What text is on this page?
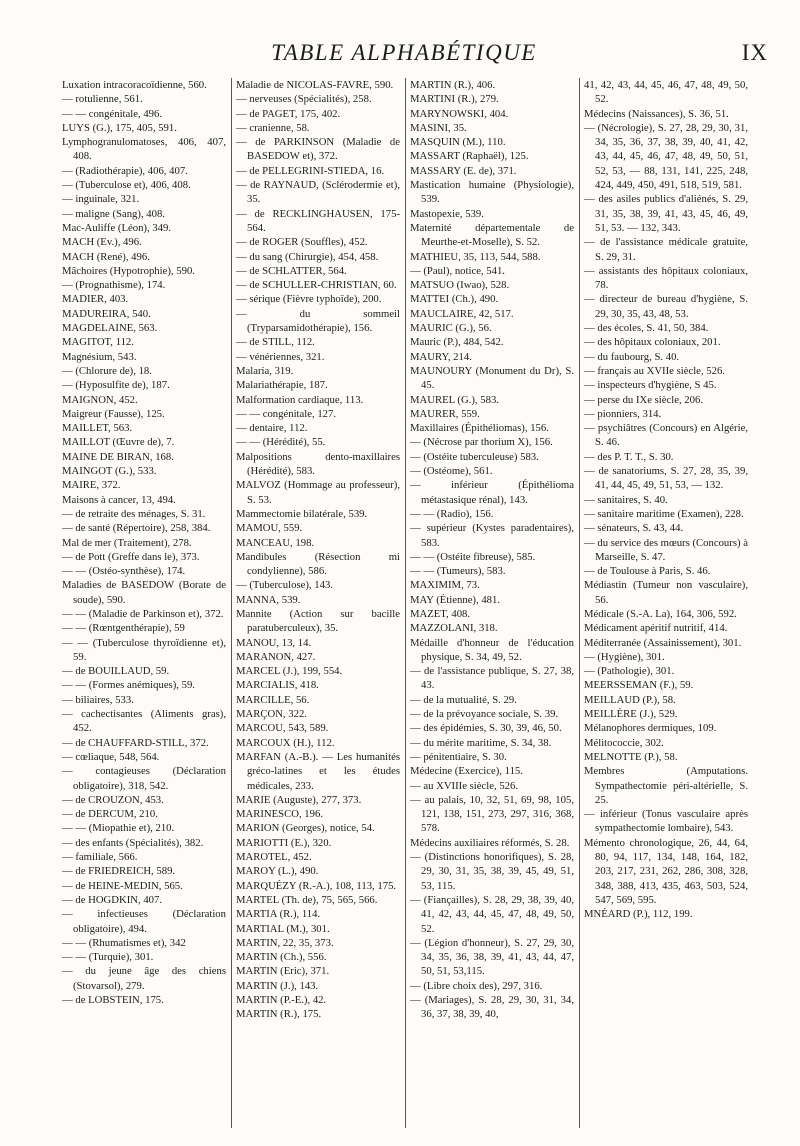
TABLE ALPHABÉTIQUE	IX
Luxation intracoracoïdienne, 560.
— rotulienne, 561.
— — congénitale, 496.
LUYS (G.), 175, 405, 591.
Lymphogranulomatoses, 406, 407, 408.
— (Radiothérapie), 406, 407.
— (Tuberculose et), 406, 408.
— inguinale, 321.
— maligne (Sang), 408.
Mac-Auliffe (Léon), 349.
MACH (Ev.), 496.
MACH (René), 496.
Mâchoires (Hypotrophie), 590.
— (Prognathisme), 174.
MADIER, 403.
MADUREIRA, 540.
MAGDELAINE, 563.
MAGITOT, 112.
Magnésium, 543.
— (Chlorure de), 18.
— (Hyposulfite de), 187.
MAIGNON, 452.
Maigreur (Fausse), 125.
MAILLET, 563.
MAILLOT (Œuvre de), 7.
MAINE DE BIRAN, 168.
MAINGOT (G.), 533.
MAIRE, 372.
Maisons à cancer, 13, 494.
— de retraite des ménages, S. 31.
— de santé (Répertoire), 258, 384.
Mal de mer (Traitement), 278.
— de Pott (Greffe dans le), 373.
— — (Ostéo-synthèse), 174.
Maladies de BASEDOW (Borate de soude), 590.
— — (Maladie de Parkinson et), 372.
— — (Rœntgenthérapie), 59
— — (Tuberculose thyroïdienne et), 59.
— de BOUILLAUD, 59.
— — (Formes anémiques), 59.
— biliaires, 533.
— cachectisantes (Aliments gras), 452.
— de CHAUFFARD-STILL, 372.
— cœliaque, 548, 564.
— contagieuses (Déclaration obligatoire), 318, 542.
— de CROUZON, 453.
— de DERCUM, 210.
— — (Miopathie et), 210.
— des enfants (Spécialités), 382.
— familiale, 566.
— de FRIEDREICH, 589.
— de HEINE-MEDIN, 565.
— de HOGDKIN, 407.
— infectieuses (Déclaration obligatoire), 494.
— — (Rhumatismes et), 342
— — (Turquie), 301.
— du jeune âge des chiens (Stovarsol), 279.
— de LOBSTEIN, 175.
Maladie de NICOLAS-FAVRE, 590.
— nerveuses (Spécialités), 258.
— de PAGET, 175, 402.
— cranienne, 58.
— de PARKINSON (Maladie de BASEDOW et), 372.
— de PELLEGRINI-STIEDA, 16.
— de RAYNAUD, (Sclérodermie et), 35.
— de RECKLINGHAUSEN, 175-564.
— de ROGER (Souffles), 452.
— du sang (Chirurgie), 454, 458.
— de SCHLATTER, 564.
— de SCHULLER-CHRISTIAN, 60.
— sérique (Fièvre typhoïde), 200.
— du sommeil (Tryparsamidothérapie), 156.
— de STILL, 112.
— vénériennes, 321.
Malaria, 319.
Malariathérapie, 187.
Malformation cardiaque, 113.
— — congénitale, 127.
— dentaire, 112.
— — (Hérédité), 55.
Malpositions dento-maxillaires (Hérédité), 583.
MALVOZ (Hommage au professeur), S. 53.
Mammectomie bilatérale, 539.
MAMOU, 559.
MANCEAU, 198.
Mandibules (Résection mi condylienne), 586.
— (Tuberculose), 143.
MANNA, 539.
Mannite (Action sur bacille paratuberculeux), 35.
MANOU, 13, 14.
MARANON, 427.
MARCEL (J.), 199, 554.
MARCIALIS, 418.
MARCILLE, 56.
MARÇON, 322.
MARCOU, 543, 589.
MARCOUX (H.), 112.
MARFAN (A.-B.). — Les humanités gréco-latines et les études médicales, 233.
MARIE (Auguste), 277, 373.
MARINESCO, 196.
MARION (Georges), notice, 54.
MARIOTTI (E.), 320.
MAROTEL, 452.
MAROY (L.), 490.
MARQUÉZY (R.-A.), 108, 113, 175.
MARTEL (Th. de), 75, 565, 566.
MARTIA (R.), 114.
MARTIAL (M.), 301.
MARTIN, 22, 35, 373.
MARTIN (Ch.), 556.
MARTIN (Eric), 371.
MARTIN (J.), 143.
MARTIN (P.-E.), 42.
MARTIN (R.), 175.
MARTIN (R.), 406.
MARTINI (R.), 279.
MARYNOWSKI, 404.
MASINI, 35.
MASQUIN (M.), 110.
MASSART (Raphaël), 125.
MASSARY (E. de), 371.
Mastication humaine (Physiologie), 539.
Mastopexie, 539.
Maternité départementale de Meurthe-et-Moselle), S. 52.
MATHIEU, 35, 113, 544, 588.
— (Paul), notice, 541.
MATSUO (Iwao), 528.
MATTEI (Ch.), 490.
MAUCLAIRE, 42, 517.
MAURIC (G.), 56.
Mauric (P.), 484, 542.
MAURY, 214.
MAUNOURY (Monument du Dr), S. 45.
MAUREL (G.), 583.
MAURER, 559.
Maxillaires (Épithéliomas), 156.
— (Nécrose par thorium X), 156.
— (Ostéite tuberculeuse) 583.
— (Ostéome), 561.
— inférieur (Épithélioma métastasique rénal), 143.
— — (Radio), 156.
— supérieur (Kystes paradentaires), 583.
— — (Ostéite fibreuse), 585.
— — (Tumeurs), 583.
MAXIMIM, 73.
MAY (Étienne), 481.
MAZET, 408.
MAZZOLANI, 318.
Médaille d'honneur de l'éducation physique, S. 34, 49, 52.
— de l'assistance publique, S. 27, 38, 43.
— de la mutualité, S. 29.
— de la prévoyance sociale, S. 39.
— des épidémies, S. 30, 39, 46, 50.
— du mérite maritime, S. 34, 38.
— pénitentiaire, S. 30.
Médecine (Exercice), 115.
— au XVIIIe siècle, 526.
— au palais, 10, 32, 51, 69, 98, 105, 121, 138, 151, 273, 297, 316, 368, 578.
Médecins auxiliaires réformés, S. 28.
— (Distinctions honorifiques), S. 28, 29, 30, 31, 35, 38, 39, 45, 49, 51, 53, 115.
— (Fiançailles), S. 28, 29, 38, 39, 40, 41, 42, 43, 44, 45, 47, 48, 49, 50, 52.
— (Légion d'honneur), S. 27, 29, 30, 34, 35, 36, 38, 39, 41, 43, 44, 47, 50, 51, 53,115.
— (Libre choix des), 297, 316.
— (Mariages), S. 28, 29, 30, 31, 34, 36, 37, 38, 39, 40,
41, 42, 43, 44, 45, 46, 47, 48, 49, 50, 52.
Médecins (Naissances), S. 36, 51.
— (Nécrologie), S. 27, 28, 29, 30, 31, 34, 35, 36, 37, 38, 39, 40, 41, 42, 43, 44, 45, 46, 47, 48, 49, 50, 51, 52, 53, — 88, 131, 141, 225, 248, 424, 449, 450, 491, 518, 519, 581.
— des asiles publics d'aliénés, S. 29, 31, 35, 38, 39, 41, 43, 45, 46, 49, 51, 53. — 132, 343.
— de l'assistance médicale gratuite, S. 29, 31.
— assistants des hôpitaux coloniaux, 78.
— directeur de bureau d'hygiène, S. 29, 30, 35, 43, 48, 53.
— des écoles, S. 41, 50, 384.
— des hôpitaux coloniaux, 201.
— du faubourg, S. 40.
— français au XVIIe siècle, 526.
— inspecteurs d'hygiène, S 45.
— perse du IXe siècle, 206.
— pionniers, 314.
— psychiâtres (Concours) en Algérie, S. 46.
— des P. T. T., S. 30.
— de sanatoriums, S. 27, 28, 35, 39, 41, 44, 45, 49, 51, 53, — 132.
— sanitaires, S. 40.
— sanitaire maritime (Examen), 228.
— sénateurs, S. 43, 44.
— du service des mœurs (Concours) à Marseille, S. 47.
— de Toulouse à Paris, S. 46.
Médiastin (Tumeur non vasculaire), 56.
Médicale (S.-A. La), 164, 306, 592.
Médicament apéritif nutritif, 414.
Méditerranée (Assainissement), 301.
— (Hygiène), 301.
— (Pathologie), 301.
MEERSSEMAN (F.), 59.
MEILLAUD (P.), 58.
MEILLÈRE (J.), 529.
Mélanophores dermiques, 109.
Mélitococcie, 302.
MELNOTTE (P.), 58.
Membres (Amputations. Sympathectomie péri-altérielle, S. 25.
— inférieur (Tonus vasculaire après sympathectomie lombaire), 543.
Mémento chronologique, 26, 44, 64, 80, 94, 117, 134, 148, 164, 182, 203, 217, 231, 262, 286, 308, 328, 348, 388, 413, 435, 463, 503, 524, 547, 569, 595.
MNÉARD (P.), 112, 199.
